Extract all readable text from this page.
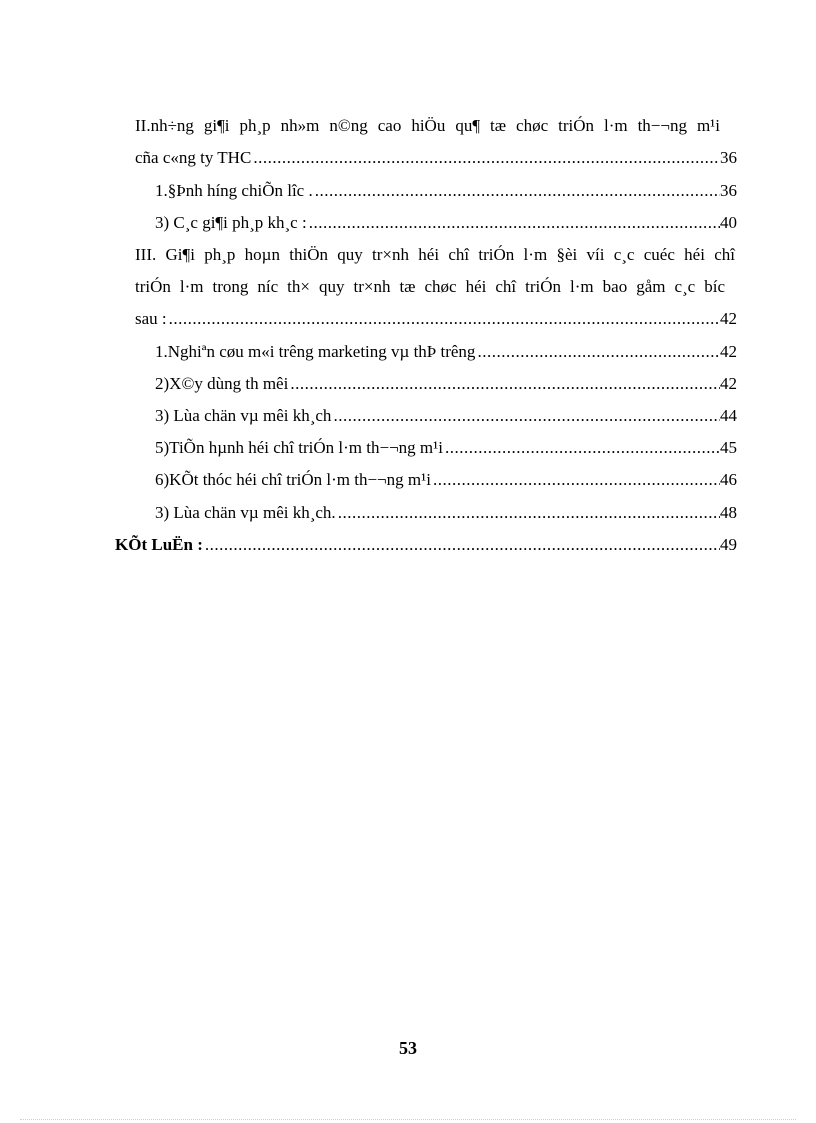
II.nh÷ng gi¶i ph¸p nh»m n©ng cao hiÖu qu¶ tæ chøc triÓn l·m th−¬ng m¹i
cña c«ng ty THC .....	36
1.§Þnh híng chiÕn lîc . .....	36
3) C¸c gi¶i ph¸p kh¸c : .....	40
III. Gi¶i ph¸p hoµn thiÖn quy tr×nh héi chî triÓn l·m §èi víi c¸c cuéc héi chî
triÓn l·m trong níc th× quy tr×nh tæ chøc héi chî triÓn l·m bao gåm c¸c bíc
sau : .....	42
1.Nghiªn cøu m«i trêng marketing vµ thÞ trêng .....	42
2)X©y dùng th mêi .....	42
3) Lùa chän vµ mêi kh¸ch .....	44
5)TiÕn hµnh héi chî triÓn l·m th−¬ng m¹i .....	45
6)KÕt thóc héi chî triÓn l·m th−¬ng m¹i .....	46
3) Lùa chän vµ mêi kh¸ch. .....	48
KÕt LuËn : .....	49
53
